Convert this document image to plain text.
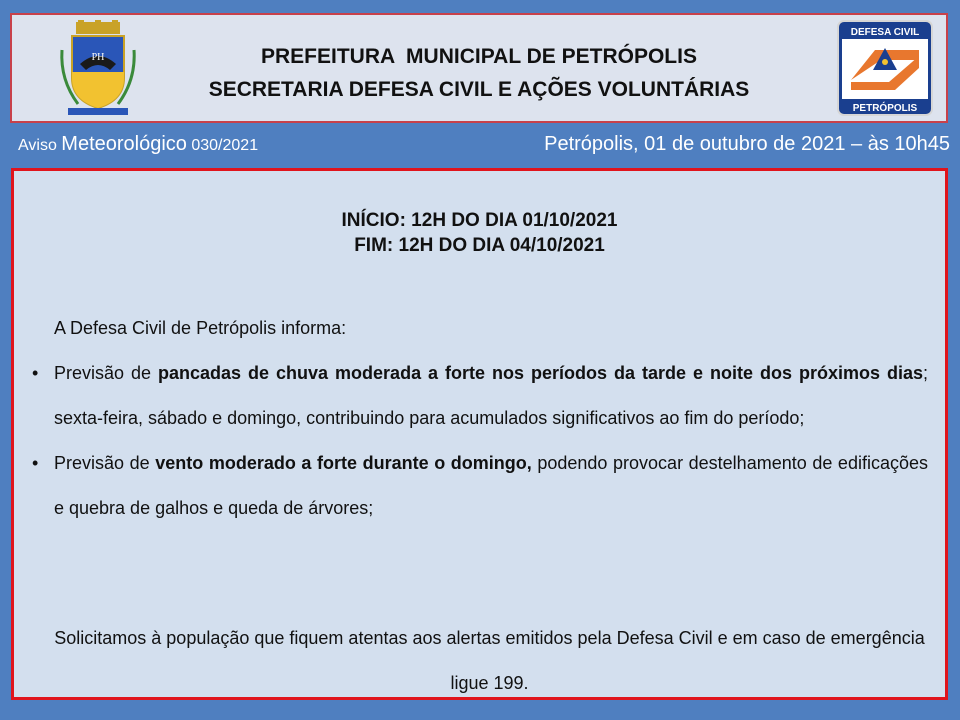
PH	PREFEITURA  MUNICIPAL DE PETRÓPOLIS
SECRETARIA DEFESA CIVIL E AÇÕES VOLUNTÁRIAS
DEFESA CIVIL
PETRÓPOLIS
Aviso Meteorológico 030/2021	Petrópolis, 01 de outubro de 2021 – às 10h45
INÍCIO: 12H DO DIA 01/10/2021
FIM: 12H DO DIA 04/10/2021

A Defesa Civil de Petrópolis informa:

• Previsão de pancadas de chuva moderada a forte nos períodos da tarde e noite dos próximos dias; sexta-feira, sábado e domingo, contribuindo para acumulados significativos ao fim do período;
• Previsão de vento moderado a forte durante o domingo, podendo provocar destelhamento de edificações e quebra de galhos e queda de árvores;
Solicitamos à população que fiquem atentas aos alertas emitidos pela Defesa Civil e em caso de emergência ligue 199.
